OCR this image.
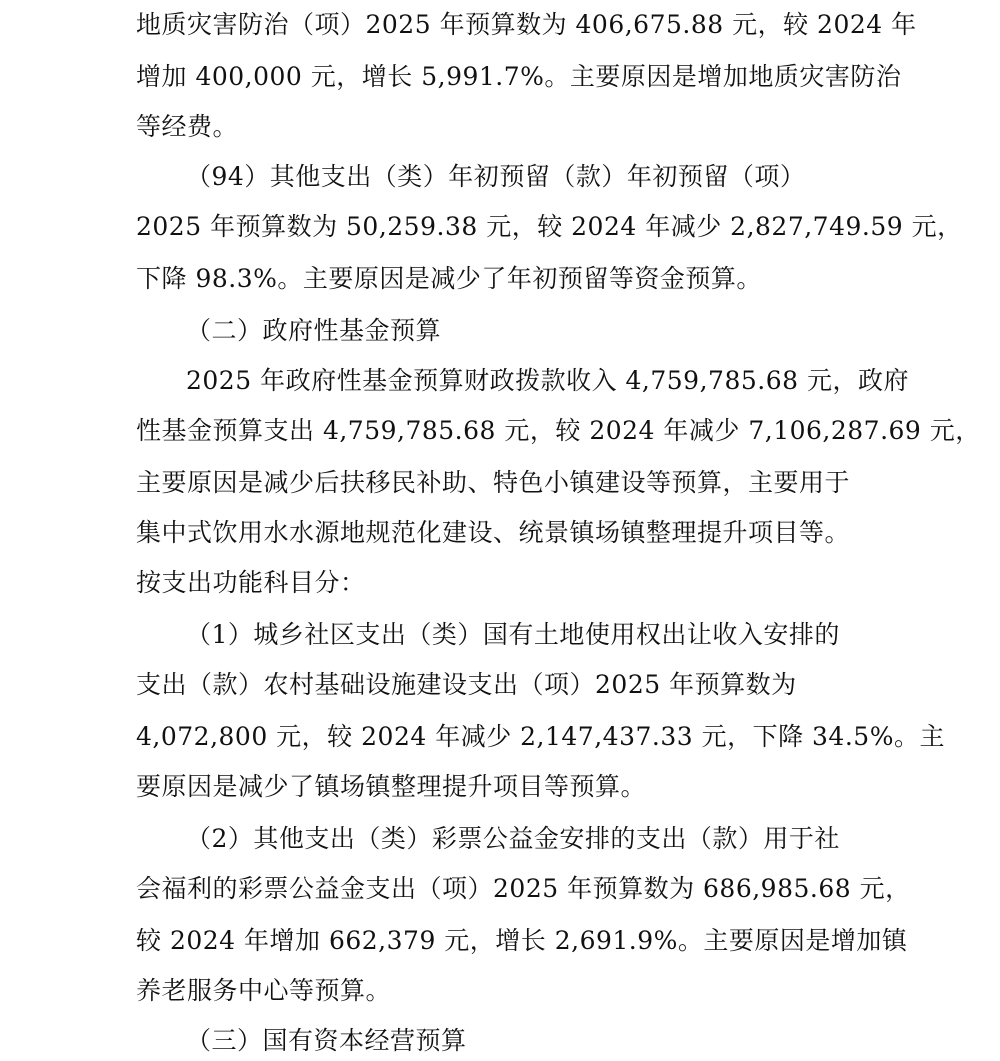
地质灾害防治（项）2025 年预算数为 406,675.88 元，较 2024 年
增加 400,000 元，增长 5,991.7%。主要原因是增加地质灾害防治
等经费。
（94）其他支出（类）年初预留（款）年初预留（项）
2025 年预算数为 50,259.38 元，较 2024 年减少 2,827,749.59 元，
下降 98.3%。主要原因是减少了年初预留等资金预算。
（二）政府性基金预算
2025 年政府性基金预算财政拨款收入 4,759,785.68 元，政府
性基金预算支出 4,759,785.68 元，较 2024 年减少 7,106,287.69 元，
主要原因是减少后扶移民补助、特色小镇建设等预算，主要用于
集中式饮用水水源地规范化建设、统景镇场镇整理提升项目等。
按支出功能科目分：
（1）城乡社区支出（类）国有土地使用权出让收入安排的
支出（款）农村基础设施建设支出（项）2025 年预算数为
4,072,800 元，较 2024 年减少 2,147,437.33 元，下降 34.5%。主
要原因是减少了镇场镇整理提升项目等预算。
（2）其他支出（类）彩票公益金安排的支出（款）用于社
会福利的彩票公益金支出（项）2025 年预算数为 686,985.68 元，
较 2024 年增加 662,379 元，增长 2,691.9%。主要原因是增加镇
养老服务中心等预算。
（三）国有资本经营预算
